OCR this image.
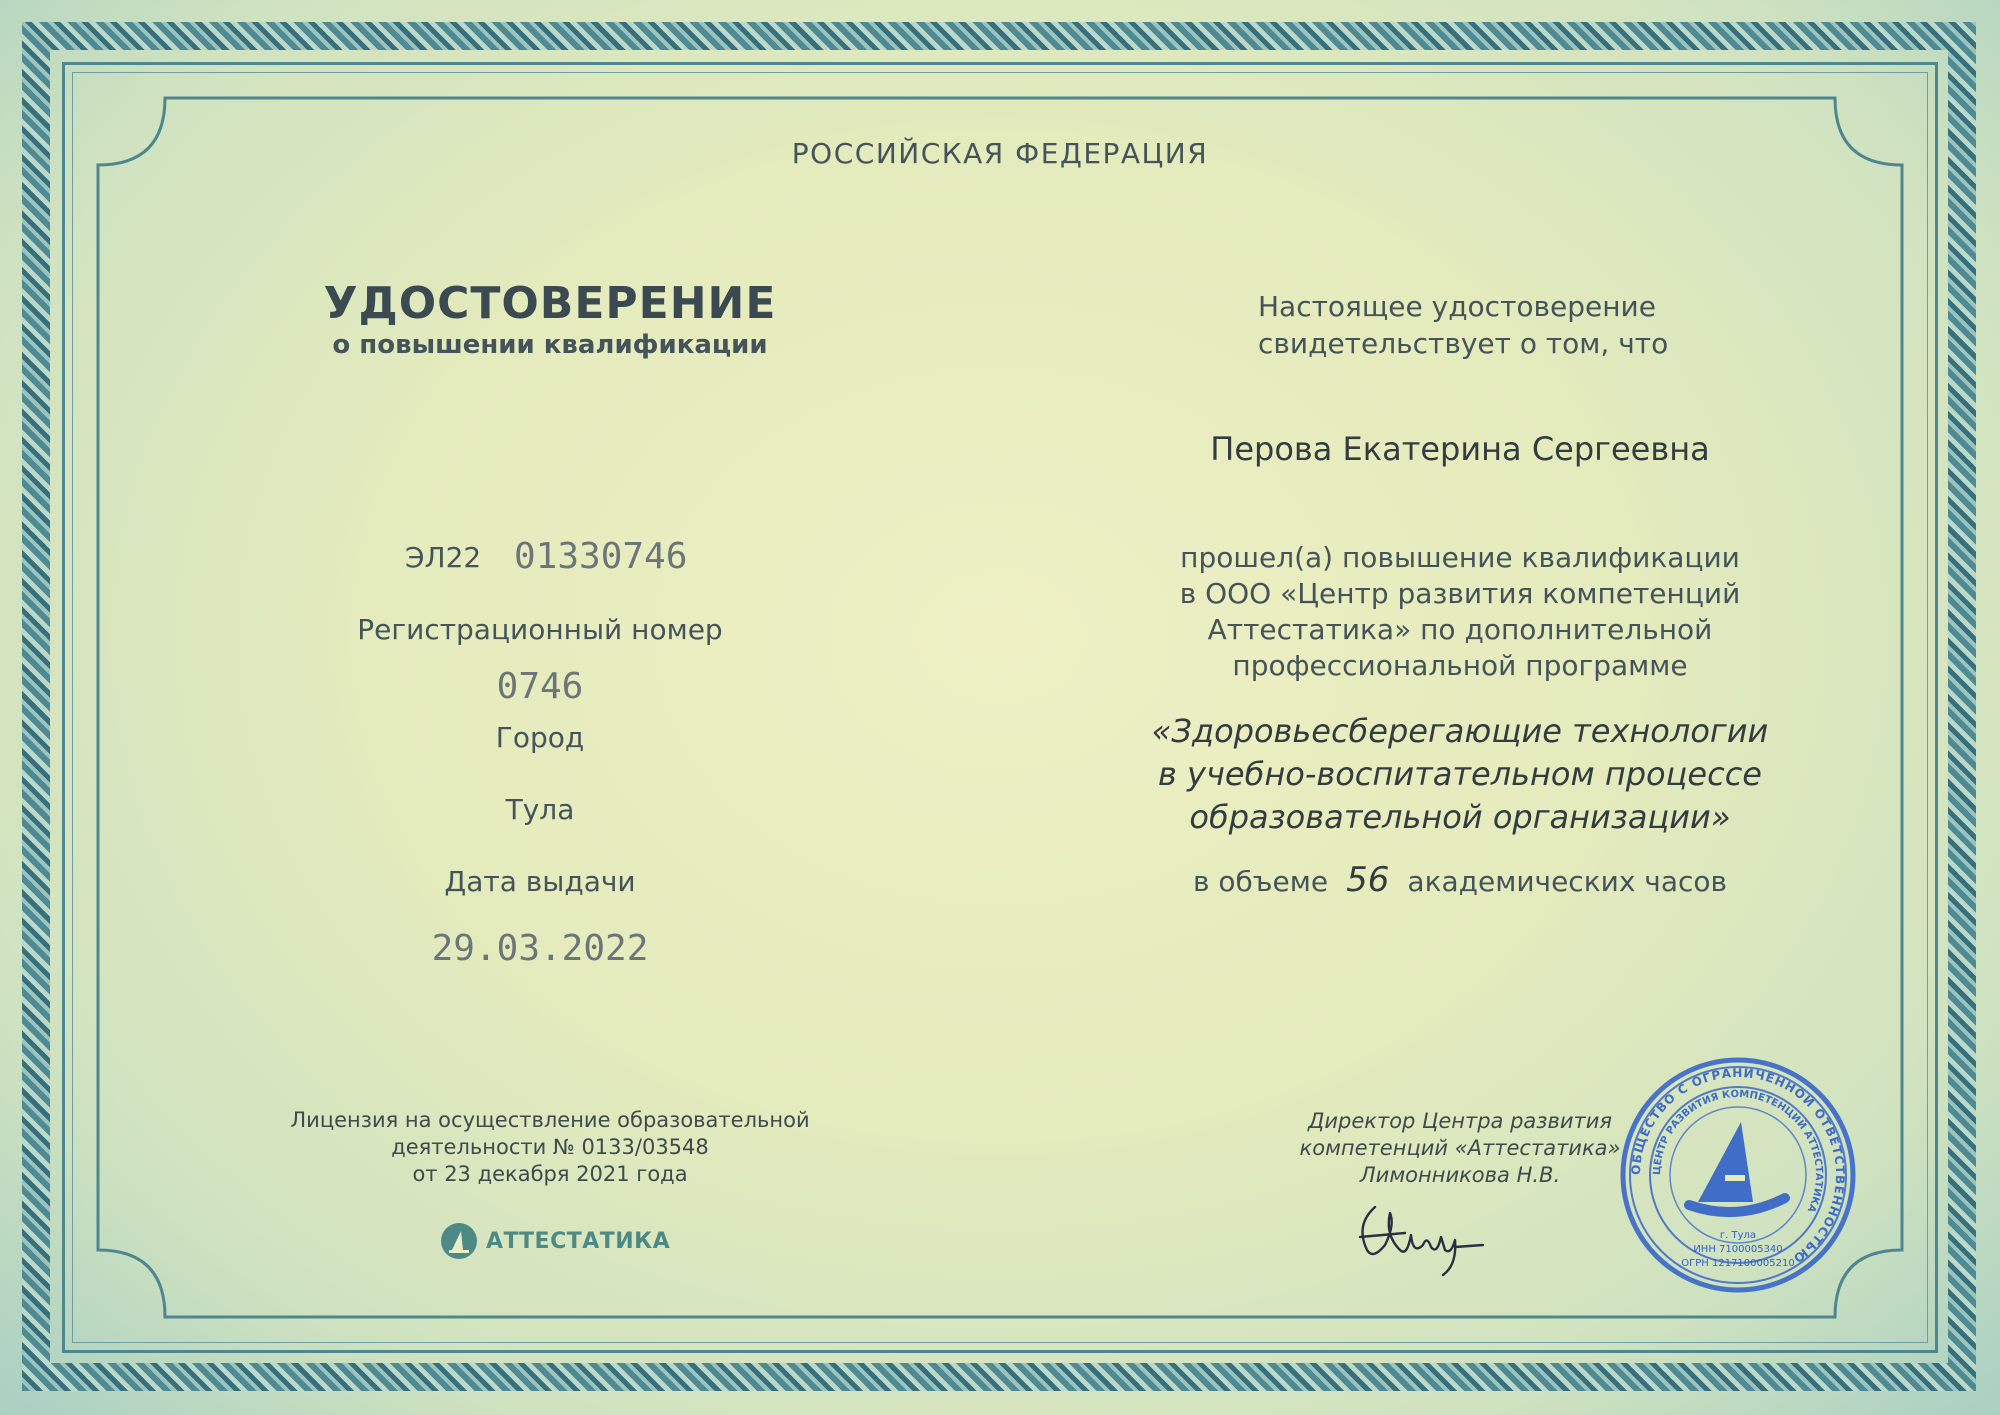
РОССИЙСКАЯ ФЕДЕРАЦИЯ
УДОСТОВЕРЕНИЕ
о повышении квалификации
Настоящее удостоверение
свидетельствует о том, что
Перова Екатерина Сергеевна
ЭЛ22 01330746
Регистрационный номер
0746
Город
Тула
Дата выдачи
29.03.2022
прошел(а) повышение квалификации
в ООО «Центр развития компетенций
Аттестатика» по дополнительной
профессиональной программе
«Здоровьесберегающие технологии
в учебно-воспитательном процессе
образовательной организации»
в объеме 56 академических часов
Лицензия на осуществление образовательной
деятельности № 0133/03548
от 23 декабря 2021 года
АТТЕСТАТИКА
Директор Центра развития
компетенций «Аттестатика»
Лимонникова Н.В.	ОБЩЕСТВО С ОГРАНИЧЕННОЙ ОТВЕТСТВЕННОСТЬЮ
ЦЕНТР РАЗВИТИЯ КОМПЕТЕНЦИЙ АТТЕСТАТИКА
г. Тула
ИНН 7100005340
ОГРН 1217100005210
